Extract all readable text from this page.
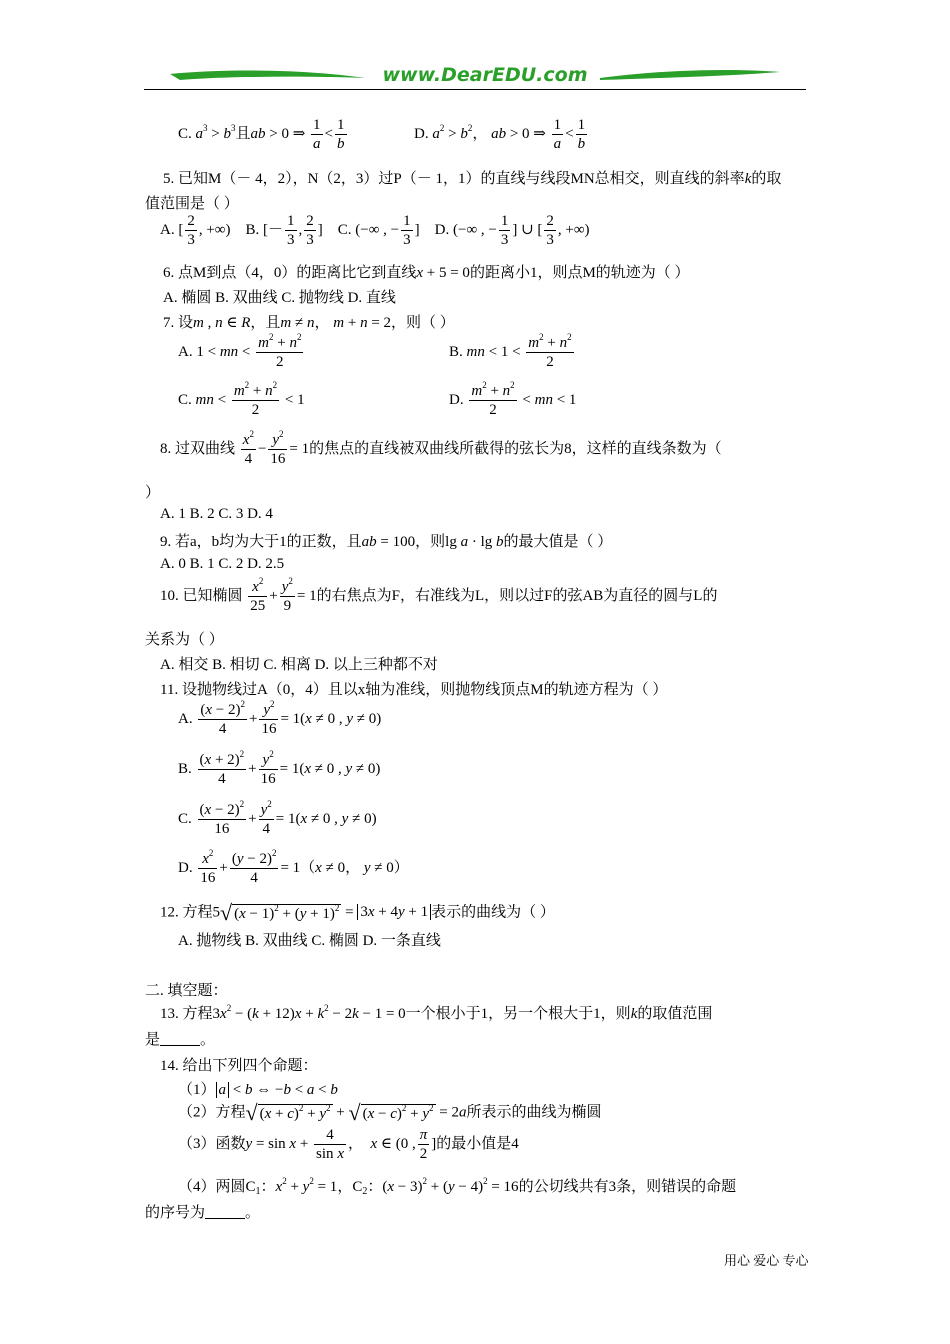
www.DearEDU.com
C. $a^3 > b^3$且ab > 0 ⇒ $\frac{1}{a} < \frac{1}{b}$	D. $a^2 > b^2$， ab > 0 ⇒ $\frac{1}{a} < \frac{1}{b}$
5. 已知M（－ 4，2），N（2，3）过P（－ 1，1）的直线与线段MN总相交，则直线的斜率k的取
值范围是（ ）
A. [ $\frac{2}{3}$ , +∞)    B. [－ $\frac{1}{3}$ , $\frac{2}{3}$ ]    C. (−∞ , − $\frac{1}{3}$ ]    D. (−∞ , − $\frac{1}{3}$ ] ∪ [ $\frac{2}{3}$ , +∞)
6. 点M到点（4，0）的距离比它到直线x + 5 = 0的距离小1，则点M的轨迹为（ ）
A. 椭圆 B. 双曲线 C. 抛物线 D. 直线
7. 设m , n ∈ R，且m ≠ n， m + n = 2，则（ ）
A. 1 < mn < $\frac{m^2 + n^2}{2}$	B. mn < $1 < \frac{m^2 + n^2}{2}$
C. mn < $\frac{m^2 + n^2}{2} < 1$	D. $\frac{m^2 + n^2}{2}$ < mn < 1
8. 过双曲线 $\frac{x^2}{4} - \frac{y^2}{16} = 1$的焦点的直线被双曲线所截得的弦长为8，这样的直线条数为（
）
A. 1 B. 2 C. 3 D. 4
9. 若a，b均为大于1的正数，且ab = 100，则lg a · lg b的最大值是（ ）
A. 0 B. 1 C. 2 D. 2.5
10. 已知椭圆 $\frac{x^2}{25} + \frac{y^2}{9} = 1$的右焦点为F，右准线为L，则以过F的弦AB为直径的圆与L的
关系为（ ）
A. 相交 B. 相切 C. 相离 D. 以上三种都不对
11. 设抛物线过A（0，4）且以x轴为准线，则抛物线顶点M的轨迹方程为（ ）
A. $\frac{(x - 2)^2}{4} + \frac{y^2}{16} = 1(x \ne 0$ , y ≠ 0)
B. $\frac{(x + 2)^2}{4} + \frac{y^2}{16} = 1(x \ne 0$ , y ≠ 0)
C. $\frac{(x - 2)^2}{16} + \frac{y^2}{4} = 1(x \ne 0$ , y ≠ 0)
D. $\frac{x^2}{16} + \frac{(y - 2)^2}{4} = 1(x \ne 0$， y ≠ 0）
12. 方程5√ $(x - 1)^2 + (y + 1)^2 = 3x + 4y + 1$ 表示的曲线为（ ）
A. 抛物线 B. 双曲线 C. 椭圆 D. 一条直线
二. 填空题：
13. 方程$3x^2 - (k + 12)x + k^2 - 2k - 1 = 0$一个根小于1，另一个根大于1，则k的取值范围
是	。
14. 给出下列四个命题：
（1） a < b ⇔ −b < a < b
（2）方程√ $(x + c)^2 + y^2$ + √ $(x - c)^2 + y^2 = 2a$所表示的曲线为椭圆
（3）函数$y = \sin x + \frac{4}{\text{sin x}}$ ， x ∈ (0 , $\frac{\pi}{2}$ ]的最小值是4
（4）两圆$C_1$：$x^2 + y^2 = 1$，$C_2$：$(x - 3)^2 + (y - 4)^2 = 16$的公切线共有3条，则错误的命题
的序号为	。
用心 爱心 专心
